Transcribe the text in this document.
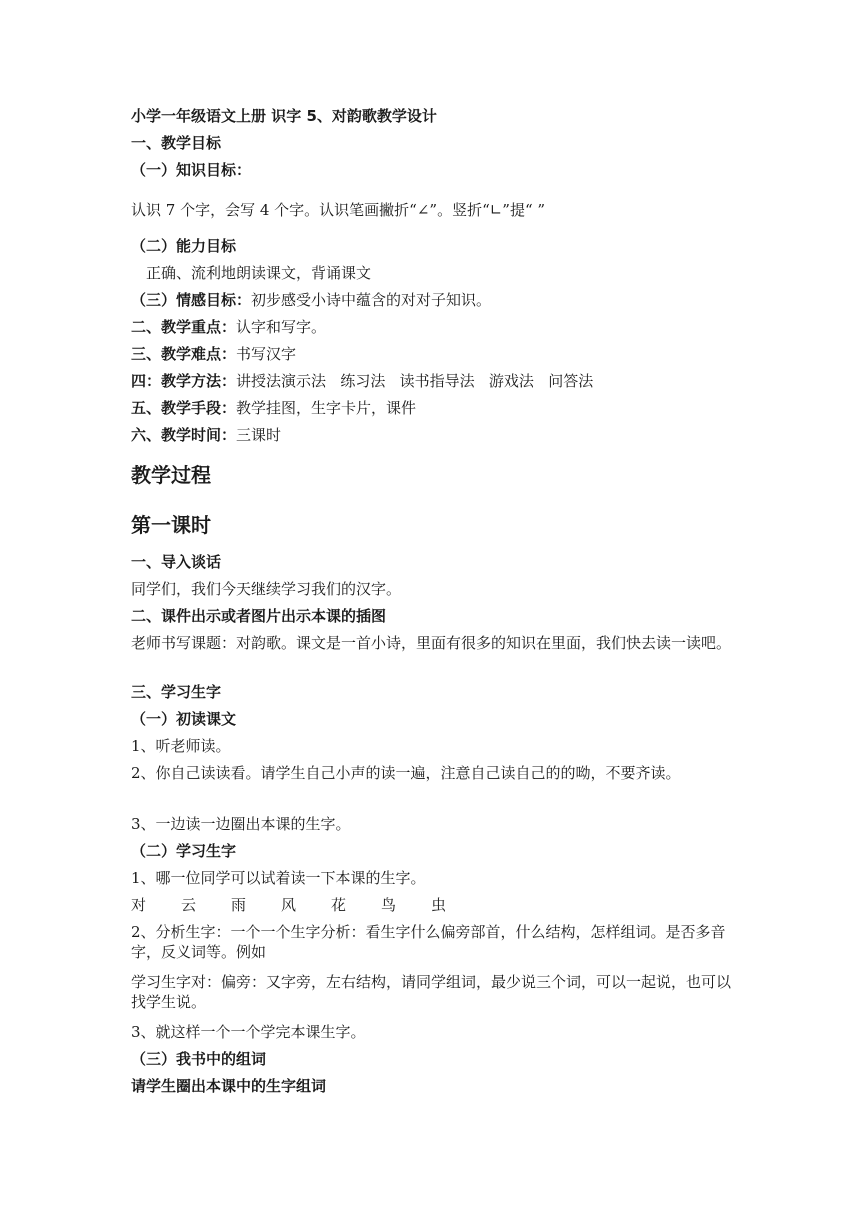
小学一年级语文上册 识字 5、对韵歌教学设计
一、教学目标
（一）知识目标：
认识 7 个字，会写 4 个字。认识笔画撇折“∠”。竖折“∟”提“ ”
（二）能力目标
正确、流利地朗读课文，背诵课文
（三）情感目标：初步感受小诗中蕴含的对对子知识。
二、教学重点：认字和写字。
三、教学难点：书写汉字
四：教学方法：讲授法演示法   练习法   读书指导法   游戏法   问答法
五、教学手段：教学挂图，生字卡片，课件
六、教学时间：三课时
教学过程
第一课时
一、导入谈话
同学们，我们今天继续学习我们的汉字。
二、课件出示或者图片出示本课的插图
老师书写课题：对韵歌。课文是一首小诗，里面有很多的知识在里面，我们快去读一读吧。
三、学习生字
（一）初读课文
1、听老师读。
2、你自己读读看。请学生自己小声的读一遍，注意自己读自己的的呦，不要齐读。
3、一边读一边圈出本课的生字。
（二）学习生字
1、哪一位同学可以试着读一下本课的生字。
对 云 雨 风 花 鸟 虫
2、分析生字：一个一个生字分析：看生字什么偏旁部首，什么结构，怎样组词。是否多音字，反义词等。例如
学习生字对：偏旁：又字旁，左右结构，请同学组词，最少说三个词，可以一起说，也可以找学生说。
3、就这样一个一个学完本课生字。
（三）我书中的组词
请学生圈出本课中的生字组词
